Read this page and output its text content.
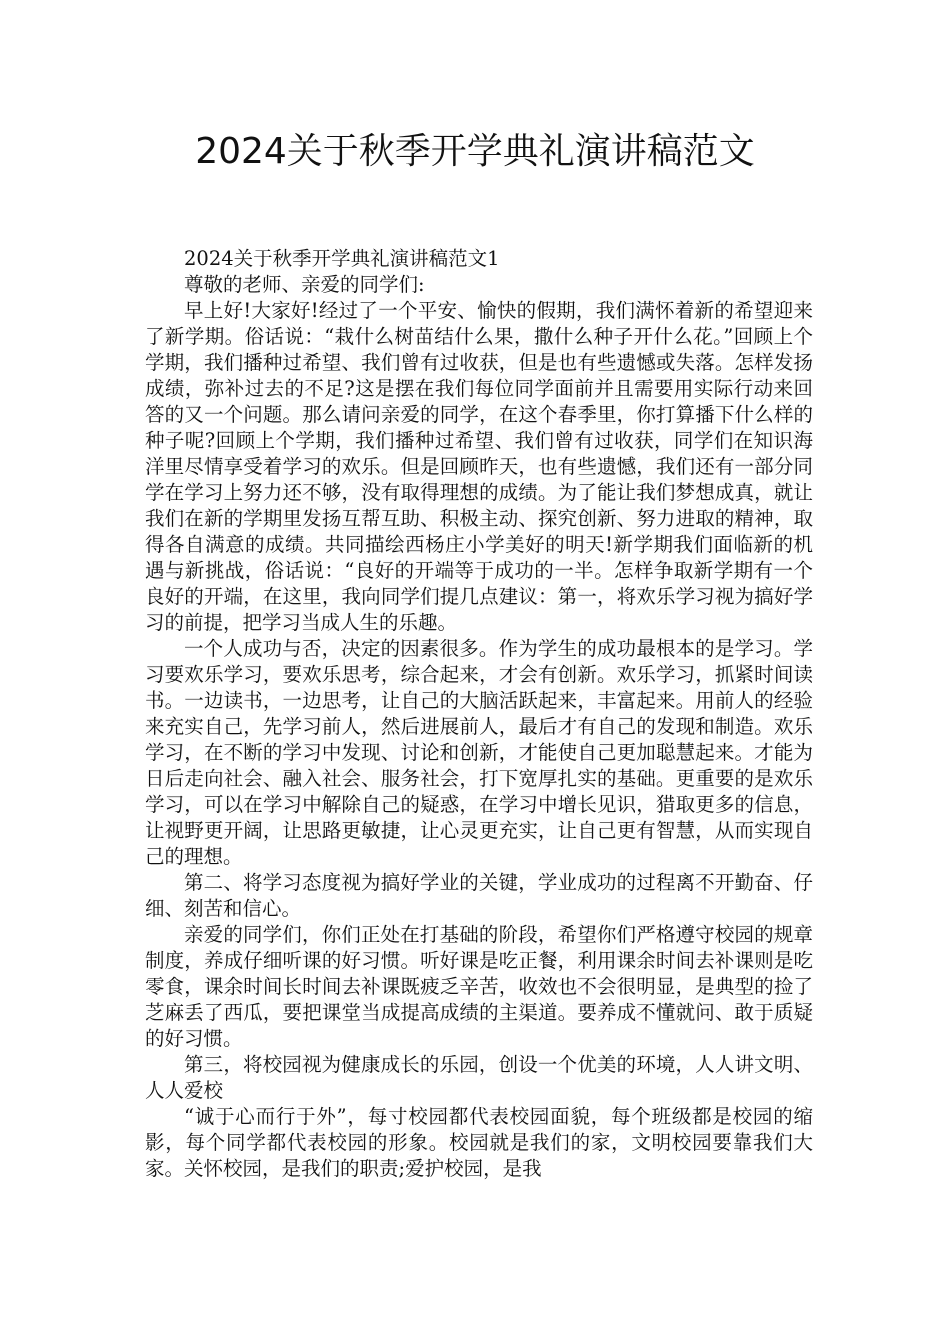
2024关于秋季开学典礼演讲稿范文

2024关于秋季开学典礼演讲稿范文1

尊敬的老师、亲爱的同学们:

早上好!大家好!经过了一个平安、愉快的假期，我们满怀着新的希望迎来了新学期。俗话说：“栽什么树苗结什么果，撒什么种子开什么花。”回顾上个学期，我们播种过希望、我们曾有过收获，但是也有些遗憾或失落。怎样发扬成绩，弥补过去的不足?这是摆在我们每位同学面前并且需要用实际行动来回答的又一个问题。那么请问亲爱的同学，在这个春季里，你打算播下什么样的种子呢?回顾上个学期，我们播种过希望、我们曾有过收获，同学们在知识海洋里尽情享受着学习的欢乐。但是回顾昨天，也有些遗憾，我们还有一部分同学在学习上努力还不够，没有取得理想的成绩。为了能让我们梦想成真，就让我们在新的学期里发扬互帮互助、积极主动、探究创新、努力进取的精神，取得各自满意的成绩。共同描绘西杨庄小学美好的明天!新学期我们面临新的机遇与新挑战，俗话说：“良好的开端等于成功的一半。怎样争取新学期有一个良好的开端，在这里，我向同学们提几点建议：第一，将欢乐学习视为搞好学习的前提，把学习当成人生的乐趣。

一个人成功与否，决定的因素很多。作为学生的成功最根本的是学习。学习要欢乐学习，要欢乐思考，综合起来，才会有创新。欢乐学习，抓紧时间读书。一边读书，一边思考，让自己的大脑活跃起来，丰富起来。用前人的经验来充实自己，先学习前人，然后进展前人，最后才有自己的发现和制造。欢乐学习，在不断的学习中发现、讨论和创新，才能使自己更加聪慧起来。才能为日后走向社会、融入社会、服务社会，打下宽厚扎实的基础。更重要的是欢乐学习，可以在学习中解除自己的疑惑，在学习中增长见识，猎取更多的信息，让视野更开阔，让思路更敏捷，让心灵更充实，让自己更有智慧，从而实现自己的理想。

第二、将学习态度视为搞好学业的关键，学业成功的过程离不开勤奋、仔细、刻苦和信心。

亲爱的同学们，你们正处在打基础的阶段，希望你们严格遵守校园的规章制度，养成仔细听课的好习惯。听好课是吃正餐，利用课余时间去补课则是吃零食，课余时间长时间去补课既疲乏辛苦，收效也不会很明显，是典型的捡了芝麻丢了西瓜，要把课堂当成提高成绩的主渠道。要养成不懂就问、敢于质疑的好习惯。

第三，将校园视为健康成长的乐园，创设一个优美的环境，人人讲文明、人人爱校

“诚于心而行于外”，每寸校园都代表校园面貌，每个班级都是校园的缩影，每个同学都代表校园的形象。校园就是我们的家，文明校园要靠我们大家。关怀校园，是我们的职责;爱护校园，是我
